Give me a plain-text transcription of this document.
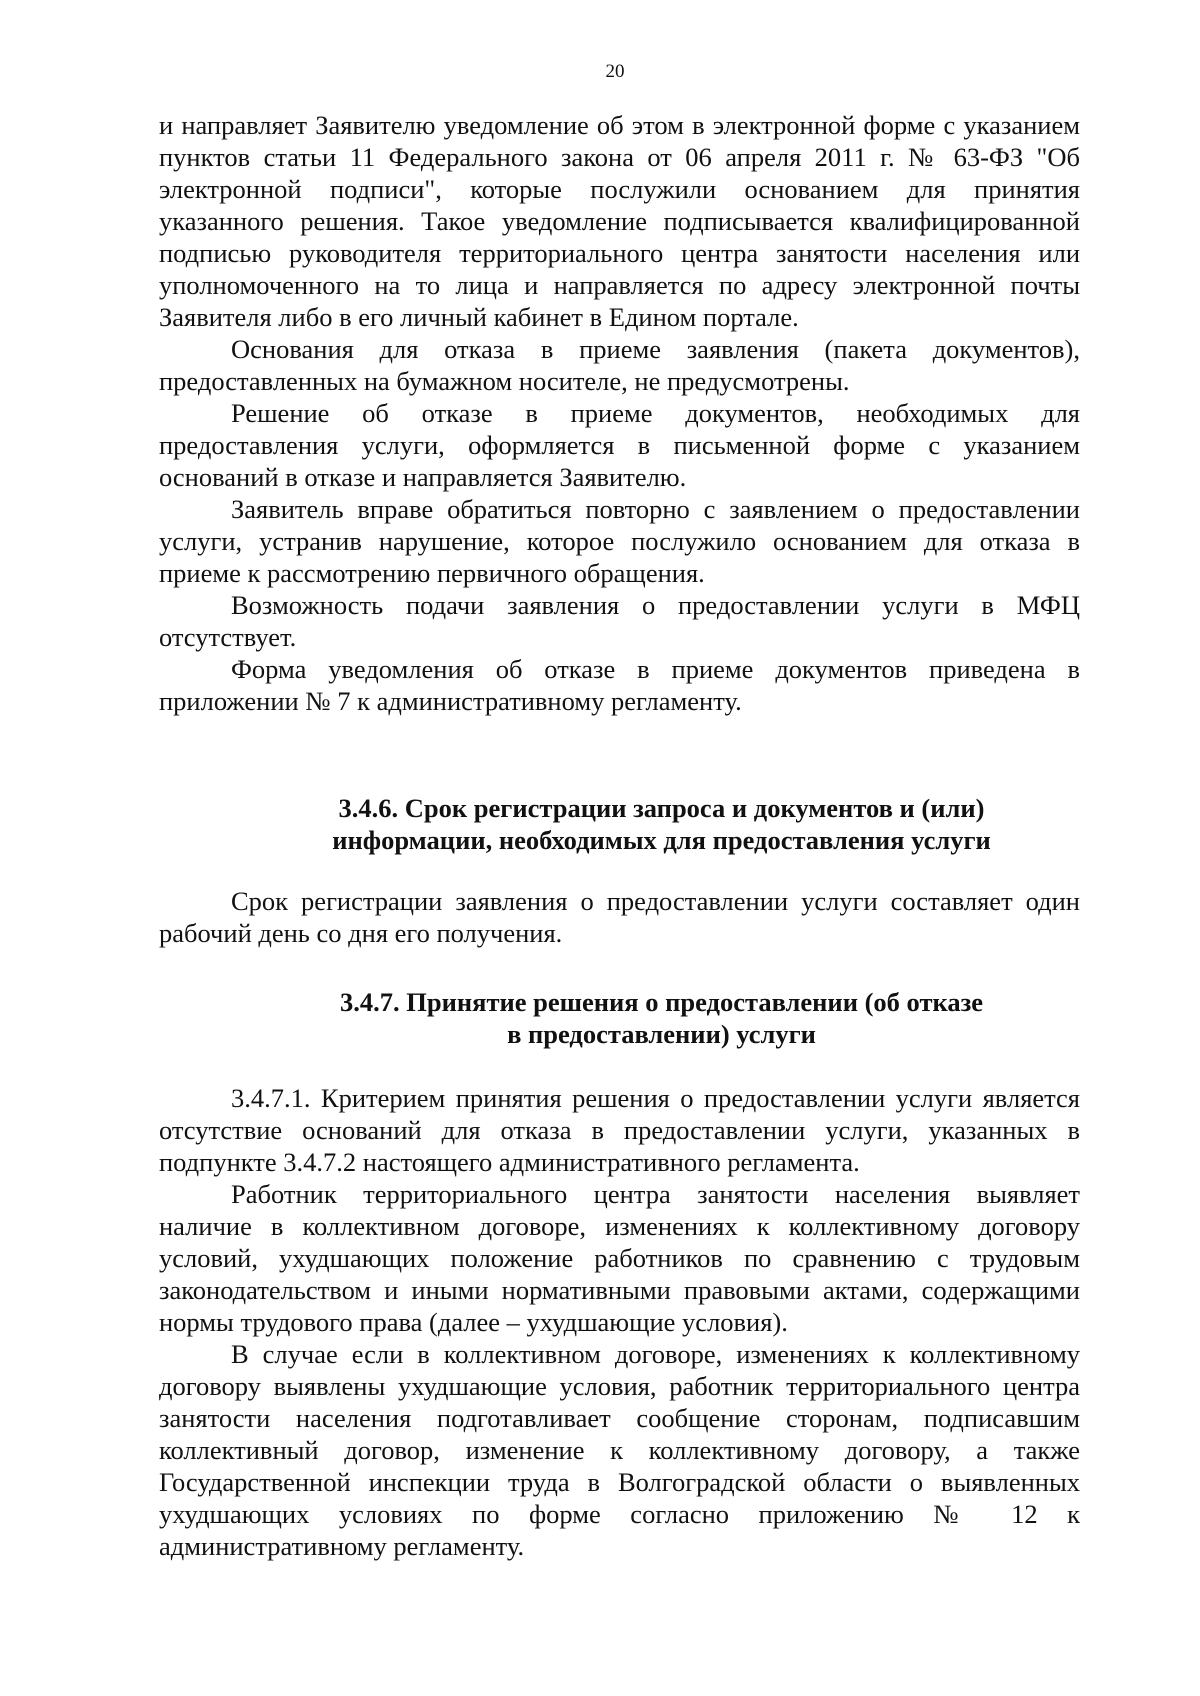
20

и направляет Заявителю уведомление об этом в электронной форме с указанием пунктов статьи 11 Федерального закона от 06 апреля 2011 г. № 63-ФЗ "Об электронной подписи", которые послужили основанием для принятия указанного решения. Такое уведомление подписывается квалифицированной подписью руководителя территориального центра занятости населения или уполномоченного на то лица и направляется по адресу электронной почты Заявителя либо в его личный кабинет в Едином портале.

Основания для отказа в приеме заявления (пакета документов), предоставленных на бумажном носителе, не предусмотрены.

Решение об отказе в приеме документов, необходимых для предоставления услуги, оформляется в письменной форме с указанием оснований в отказе и направляется Заявителю.

Заявитель вправе обратиться повторно с заявлением о предоставлении услуги, устранив нарушение, которое послужило основанием для отказа в приеме к рассмотрению первичного обращения.

Возможность подачи заявления о предоставлении услуги в МФЦ отсутствует.

Форма уведомления об отказе в приеме документов приведена в приложении № 7 к административному регламенту.

3.4.6. Срок регистрации запроса и документов и (или)
информации, необходимых для предоставления услуги

Срок регистрации заявления о предоставлении услуги составляет один рабочий день со дня его получения.

3.4.7. Принятие решения о предоставлении (об отказе
в предоставлении) услуги

3.4.7.1. Критерием принятия решения о предоставлении услуги является отсутствие оснований для отказа в предоставлении услуги, указанных в подпункте 3.4.7.2 настоящего административного регламента.

Работник территориального центра занятости населения выявляет наличие в коллективном договоре, изменениях к коллективному договору условий, ухудшающих положение работников по сравнению с трудовым законодательством и иными нормативными правовыми актами, содержащими нормы трудового права (далее – ухудшающие условия).

В случае если в коллективном договоре, изменениях к коллективному договору выявлены ухудшающие условия, работник территориального центра занятости населения подготавливает сообщение сторонам, подписавшим коллективный договор, изменение к коллективному договору, а также Государственной инспекции труда в Волгоградской области о выявленных ухудшающих условиях по форме согласно приложению № 12 к административному регламенту.
